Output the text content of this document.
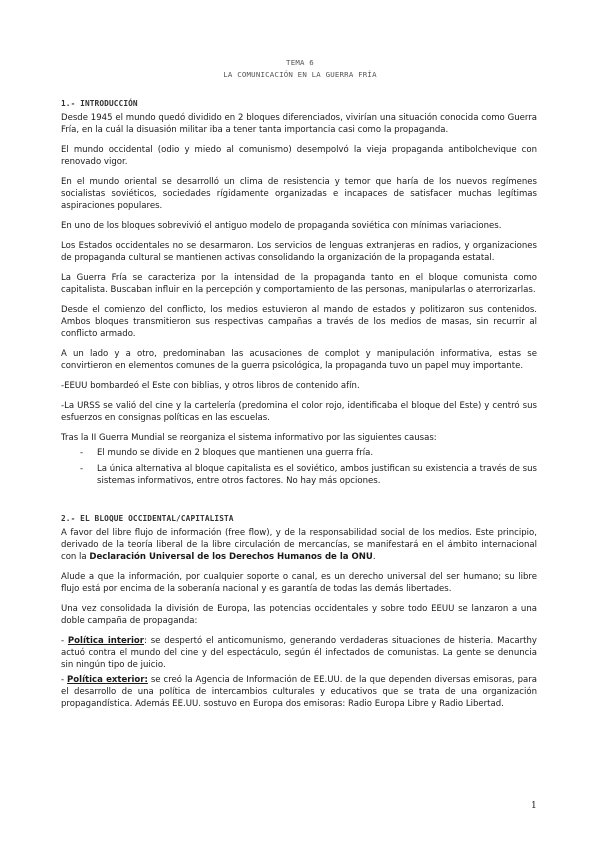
TEMA 6
LA COMUNICACIÓN EN LA GUERRA FRÍA
1.- INTRODUCCIÓN

Desde 1945 el mundo quedó dividido en 2 bloques diferenciados, vivirían una situación conocida como Guerra Fría, en la cuál la disuasión militar iba a tener tanta importancia casi como la propaganda.

El mundo occidental (odio y miedo al comunismo) desempolvó la vieja propaganda antibolchevique con renovado vigor.

En el mundo oriental se desarrolló un clima de resistencia y temor que haría de los nuevos regímenes socialistas soviéticos, sociedades rígidamente organizadas e incapaces de satisfacer muchas legítimas aspiraciones populares.

En uno de los bloques sobrevivió el antiguo modelo de propaganda soviética con mínimas variaciones.

Los Estados occidentales no se desarmaron. Los servicios de lenguas extranjeras en radios, y organizaciones de propaganda cultural se mantienen activas consolidando la organización de la propaganda estatal.

La Guerra Fría se caracteriza por la intensidad de la propaganda tanto en el bloque comunista como capitalista. Buscaban influir en la percepción y comportamiento de las personas, manipularlas o aterrorizarlas.

Desde el comienzo del conflicto, los medios estuvieron al mando de estados y politizaron sus contenidos. Ambos bloques transmitieron sus respectivas campañas a través de los medios de masas, sin recurrir al conflicto armado.

A un lado y a otro, predominaban las acusaciones de complot y manipulación informativa, estas se convirtieron en elementos comunes de la guerra psicológica, la propaganda tuvo un papel muy importante.

-EEUU bombardeó el Este con biblias, y otros libros de contenido afín.

-La URSS se valió del cine y la cartelería (predomina el color rojo, identificaba el bloque del Este) y centró sus esfuerzos en consignas políticas en las escuelas.

Tras la II Guerra Mundial se reorganiza el sistema informativo por las siguientes causas:

- El mundo se divide en 2 bloques que mantienen una guerra fría.
- La única alternativa al bloque capitalista es el soviético, ambos justifican su existencia a través de sus sistemas informativos, entre otros factores. No hay más opciones.
2.- EL BLOQUE OCCIDENTAL/CAPITALISTA

A favor del libre flujo de información (free flow), y de la responsabilidad social de los medios. Este principio, derivado de la teoría liberal de la libre circulación de mercancías, se manifestará en el ámbito internacional con la Declaración Universal de los Derechos Humanos de la ONU.

Alude a que la información, por cualquier soporte o canal, es un derecho universal del ser humano; su libre flujo está por encima de la soberanía nacional y es garantía de todas las demás libertades.

Una vez consolidada la división de Europa, las potencias occidentales y sobre todo EEUU se lanzaron a una doble campaña de propaganda:

- Política interior: se despertó el anticomunismo, generando verdaderas situaciones de histeria. Macarthy actuó contra el mundo del cine y del espectáculo, según él infectados de comunistas. La gente se denuncia sin ningún tipo de juicio.

- Política exterior: se creó la Agencia de Información de EE.UU. de la que dependen diversas emisoras, para el desarrollo de una política de intercambios culturales y educativos que se trata de una organización propagandística. Además EE.UU. sostuvo en Europa dos emisoras: Radio Europa Libre y Radio Libertad.

1
